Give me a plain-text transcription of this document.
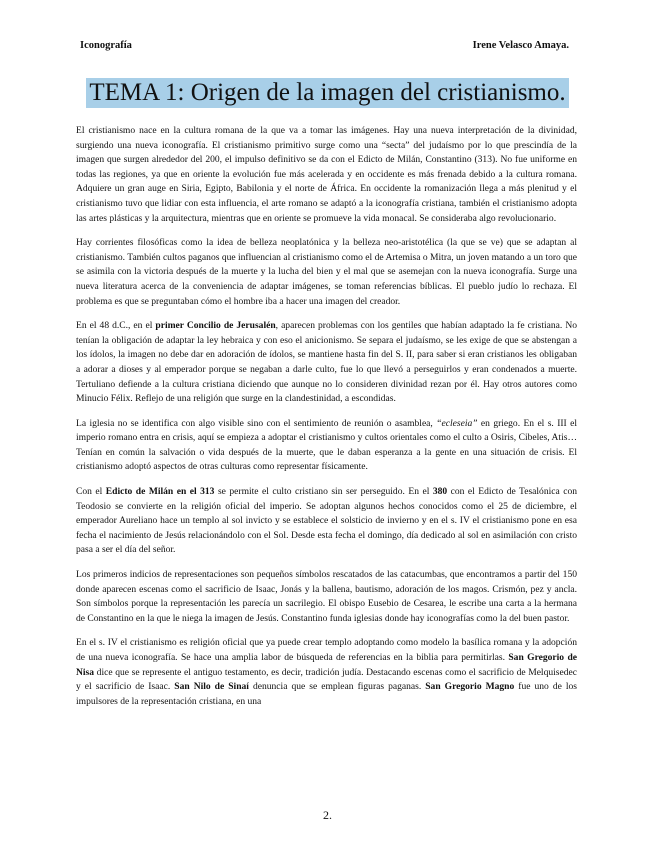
Iconografía	Irene Velasco Amaya.
TEMA 1: Origen de la imagen del cristianismo.

El cristianismo nace en la cultura romana de la que va a tomar las imágenes. Hay una nueva interpretación de la divinidad, surgiendo una nueva iconografía. El cristianismo primitivo surge como una “secta” del judaísmo por lo que prescindía de la imagen que surgen alrededor del 200, el impulso definitivo se da con el Edicto de Milán, Constantino (313). No fue uniforme en todas las regiones, ya que en oriente la evolución fue más acelerada y en occidente es más frenada debido a la cultura romana. Adquiere un gran auge en Siria, Egipto, Babilonia y el norte de África. En occidente la romanización llega a más plenitud y el cristianismo tuvo que lidiar con esta influencia, el arte romano se adaptó a la iconografía cristiana, también el cristianismo adopta las artes plásticas y la arquitectura, mientras que en oriente se promueve la vida monacal. Se consideraba algo revolucionario.

Hay corrientes filosóficas como la idea de belleza neoplatónica y la belleza neo-aristotélica (la que se ve) que se adaptan al cristianismo. También cultos paganos que influencian al cristianismo como el de Artemisa o Mitra, un joven matando a un toro que se asimila con la victoria después de la muerte y la lucha del bien y el mal que se asemejan con la nueva iconografía. Surge una nueva literatura acerca de la conveniencia de adaptar imágenes, se toman referencias bíblicas. El pueblo judío lo rechaza. El problema es que se preguntaban cómo el hombre iba a hacer una imagen del creador.

En el 48 d.C., en el primer Concilio de Jerusalén, aparecen problemas con los gentiles que habían adaptado la fe cristiana. No tenían la obligación de adaptar la ley hebraica y con eso el anicionismo. Se separa el judaísmo, se les exige de que se abstengan a los ídolos, la imagen no debe dar en adoración de ídolos, se mantiene hasta fin del S. II, para saber si eran cristianos les obligaban a adorar a dioses y al emperador porque se negaban a darle culto, fue lo que llevó a perseguirlos y eran condenados a muerte. Tertuliano defiende a la cultura cristiana diciendo que aunque no lo consideren divinidad rezan por él. Hay otros autores como Minucio Félix. Reflejo de una religión que surge en la clandestinidad, a escondidas.

La iglesia no se identifica con algo visible sino con el sentimiento de reunión o asamblea, “ecleseia” en griego. En el s. III el imperio romano entra en crisis, aquí se empieza a adoptar el cristianismo y cultos orientales como el culto a Osiris, Cibeles, Atis… Tenían en común la salvación o vida después de la muerte, que le daban esperanza a la gente en una situación de crisis. El cristianismo adoptó aspectos de otras culturas como representar físicamente.

Con el Edicto de Milán en el 313 se permite el culto cristiano sin ser perseguido. En el 380 con el Edicto de Tesalónica con Teodosio se convierte en la religión oficial del imperio. Se adoptan algunos hechos conocidos como el 25 de diciembre, el emperador Aureliano hace un templo al sol invicto y se establece el solsticio de invierno y en el s. IV el cristianismo pone en esa fecha el nacimiento de Jesús relacionándolo con el Sol. Desde esta fecha el domingo, día dedicado al sol en asimilación con cristo pasa a ser el día del señor.

Los primeros indicios de representaciones son pequeños símbolos rescatados de las catacumbas, que encontramos a partir del 150 donde aparecen escenas como el sacrificio de Isaac, Jonás y la ballena, bautismo, adoración de los magos. Crismón, pez y ancla. Son símbolos porque la representación les parecía un sacrilegio. El obispo Eusebio de Cesarea, le escribe una carta a la hermana de Constantino en la que le niega la imagen de Jesús. Constantino funda iglesias donde hay iconografías como la del buen pastor.

En el s. IV el cristianismo es religión oficial que ya puede crear templo adoptando como modelo la basílica romana y la adopción de una nueva iconografía. Se hace una amplia labor de búsqueda de referencias en la biblia para permitirlas. San Gregorio de Nisa dice que se represente el antiguo testamento, es decir, tradición judía. Destacando escenas como el sacrificio de Melquisedec y el sacrificio de Isaac. San Nilo de Sinaí denuncia que se emplean figuras paganas. San Gregorio Magno fue uno de los impulsores de la representación cristiana, en una

2.
